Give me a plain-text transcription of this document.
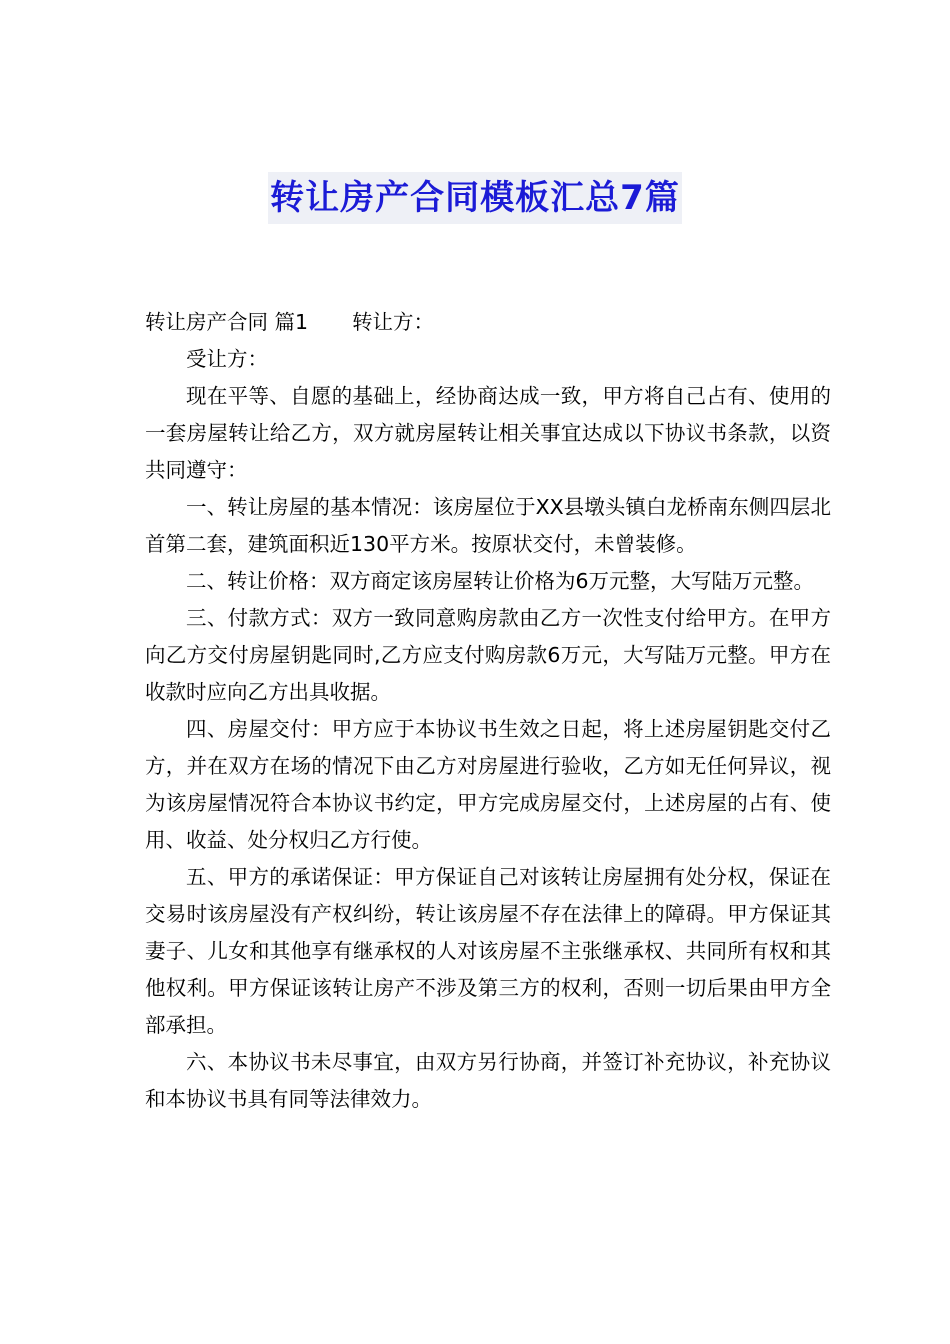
转让房产合同模板汇总7篇

转让房产合同 篇1 转让方：

受让方：

现在平等、自愿的基础上，经协商达成一致，甲方将自己占有、使用的一套房屋转让给乙方，双方就房屋转让相关事宜达成以下协议书条款，以资共同遵守：

一、转让房屋的基本情况：该房屋位于XX县墩头镇白龙桥南东侧四层北首第二套，建筑面积近130平方米。按原状交付，未曾装修。

二、转让价格：双方商定该房屋转让价格为6万元整，大写陆万元整。

三、付款方式：双方一致同意购房款由乙方一次性支付给甲方。在甲方向乙方交付房屋钥匙同时,乙方应支付购房款6万元，大写陆万元整。甲方在收款时应向乙方出具收据。

四、房屋交付：甲方应于本协议书生效之日起，将上述房屋钥匙交付乙方，并在双方在场的情况下由乙方对房屋进行验收，乙方如无任何异议，视为该房屋情况符合本协议书约定，甲方完成房屋交付，上述房屋的占有、使用、收益、处分权归乙方行使。

五、甲方的承诺保证：甲方保证自己对该转让房屋拥有处分权，保证在交易时该房屋没有产权纠纷，转让该房屋不存在法律上的障碍。甲方保证其妻子、儿女和其他享有继承权的人对该房屋不主张继承权、共同所有权和其他权利。甲方保证该转让房产不涉及第三方的权利，否则一切后果由甲方全部承担。

六、本协议书未尽事宜，由双方另行协商，并签订补充协议，补充协议和本协议书具有同等法律效力。
